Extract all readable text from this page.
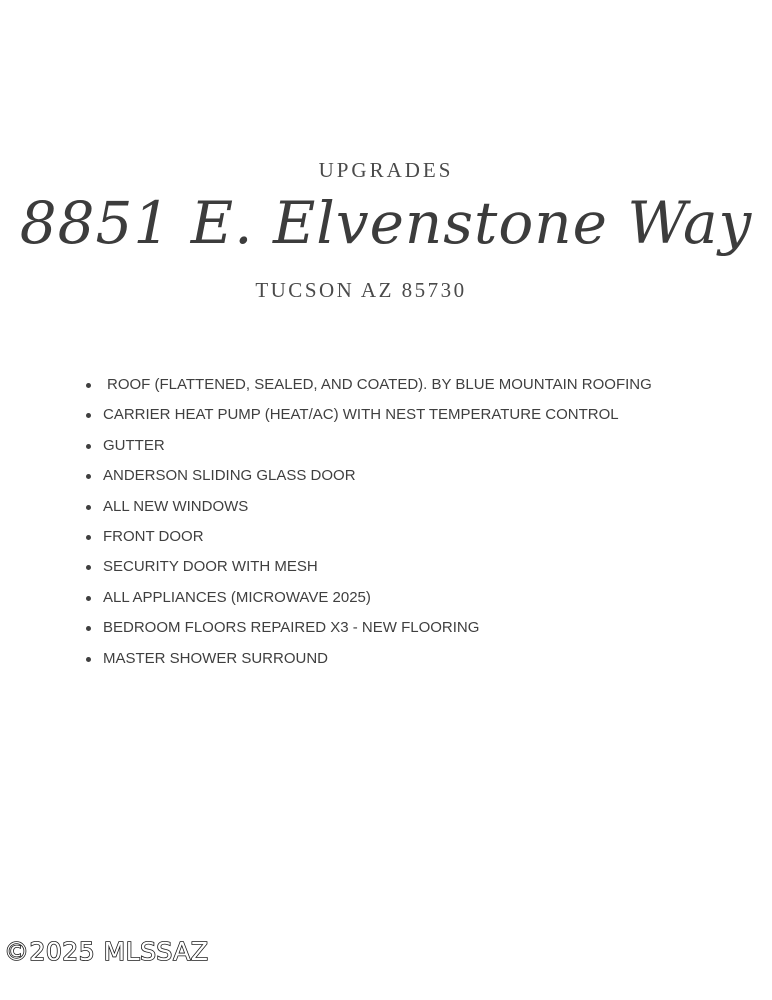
UPGRADES
8851 E. Elvenstone Way
TUCSON AZ 85730
ROOF (FLATTENED, SEALED, AND COATED). BY BLUE MOUNTAIN ROOFING
CARRIER HEAT PUMP (HEAT/AC) WITH NEST TEMPERATURE CONTROL
GUTTER
ANDERSON SLIDING GLASS DOOR
ALL NEW WINDOWS
FRONT DOOR
SECURITY DOOR WITH MESH
ALL APPLIANCES (MICROWAVE 2025)
BEDROOM FLOORS REPAIRED X3 - NEW FLOORING
MASTER SHOWER SURROUND
©2025 MLSSAZ
